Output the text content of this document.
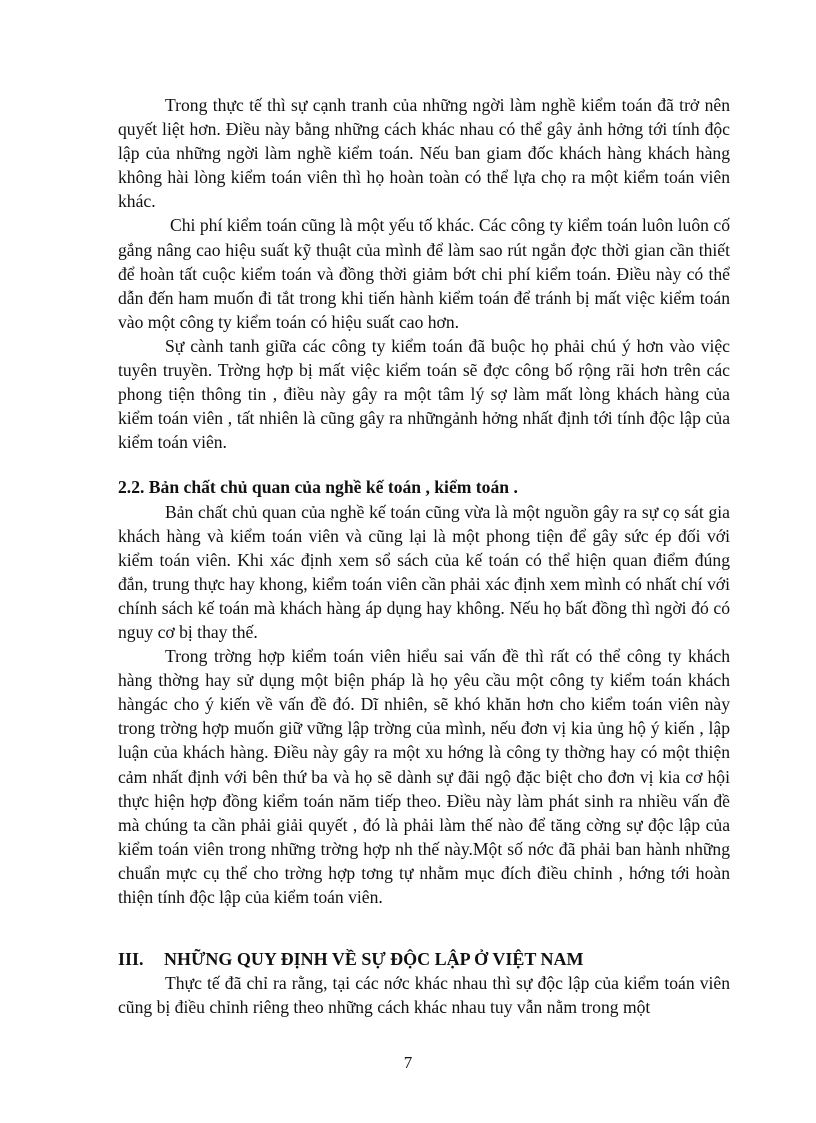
Trong thực tế thì sự cạnh tranh của những ngời làm nghề kiểm toán đã trở nên quyết liệt hơn. Điều này bằng những cách khác nhau có thể gây ảnh hởng tới tính độc lập của những ngời làm nghề kiểm toán. Nếu ban giam đốc khách hàng khách hàng không hài lòng kiểm toán viên thì họ hoàn toàn có thể lựa chọ ra một kiểm toán viên khác.

Chi phí kiểm toán cũng là một yếu tố khác. Các công ty kiểm toán luôn luôn cố gắng nâng cao hiệu suất kỹ thuật của mình để làm sao rút ngắn đợc thời gian cần thiết để hoàn tất cuộc kiểm toán và đồng thời giảm bớt chi phí kiểm toán. Điều này có thể dẫn đến ham muốn đi tắt trong khi tiến hành kiểm toán để tránh bị mất việc kiểm toán vào một công ty kiểm toán có hiệu suất cao hơn.

Sự cành tanh giữa các công ty kiểm toán đã buộc họ phải chú ý hơn vào việc tuyên truyền. Trờng hợp bị mất việc kiểm toán sẽ đợc công bố rộng rãi hơn trên các phong tiện thông tin , điều này gây ra một tâm lý sợ làm mất lòng khách hàng của kiểm toán viên , tất nhiên là cũng gây ra nhữngảnh hởng nhất định tới tính độc lập của kiểm toán viên.

2.2. Bản chất chủ quan của nghề kế toán , kiểm toán .

Bản chất chủ quan của nghề kế toán cũng vừa là một nguồn gây ra sự cọ sát gia khách hàng và kiểm toán viên và cũng lại là một phong tiện để gây sức ép đối với kiểm toán viên. Khi xác định xem sổ sách của kế toán có thể hiện quan điểm đúng đắn, trung thực hay khong, kiểm toán viên cần phải xác định xem mình có nhất chí với chính sách kế toán mà khách hàng áp dụng hay không. Nếu họ bất đồng thì ngời đó có nguy cơ bị thay thế.

Trong trờng hợp kiểm toán viên hiểu sai vấn đề thì rất có thể công ty khách hàng thờng hay sử dụng một biện pháp là họ yêu cầu một công ty kiểm toán khách hàngác cho ý kiến về vấn đề đó. Dĩ nhiên, sẽ khó khăn hơn cho kiểm toán viên này trong trờng hợp muốn giữ vững lập trờng của mình, nếu đơn vị kia ủng hộ ý kiến , lập luận của khách hàng. Điều này gây ra một xu hớng là công ty thờng hay có một thiện cảm nhất định với bên thứ ba và họ sẽ dành sự đãi ngộ đặc biệt cho đơn vị kia cơ hội thực hiện hợp đồng kiểm toán năm tiếp theo. Điều này làm phát sinh ra nhiều vấn đề mà chúng ta cần phải giải quyết , đó là phải làm thế nào để tăng cờng sự độc lập của kiểm toán viên trong những trờng hợp nh thế này.Một số nớc đã phải ban hành những chuẩn mực cụ thể cho trờng hợp tơng tự nhằm mục đích điều chỉnh , hớng tới hoàn thiện tính độc lập của kiểm toán viên.

III.	NHỮNG QUY ĐỊNH VỀ SỰ ĐỘC LẬP Ở VIỆT NAM

Thực tế đã chỉ ra rằng, tại các nớc khác nhau thì sự độc lập của kiểm toán viên cũng bị điều chỉnh riêng theo những cách khác nhau tuy vẫn nằm trong một

7
